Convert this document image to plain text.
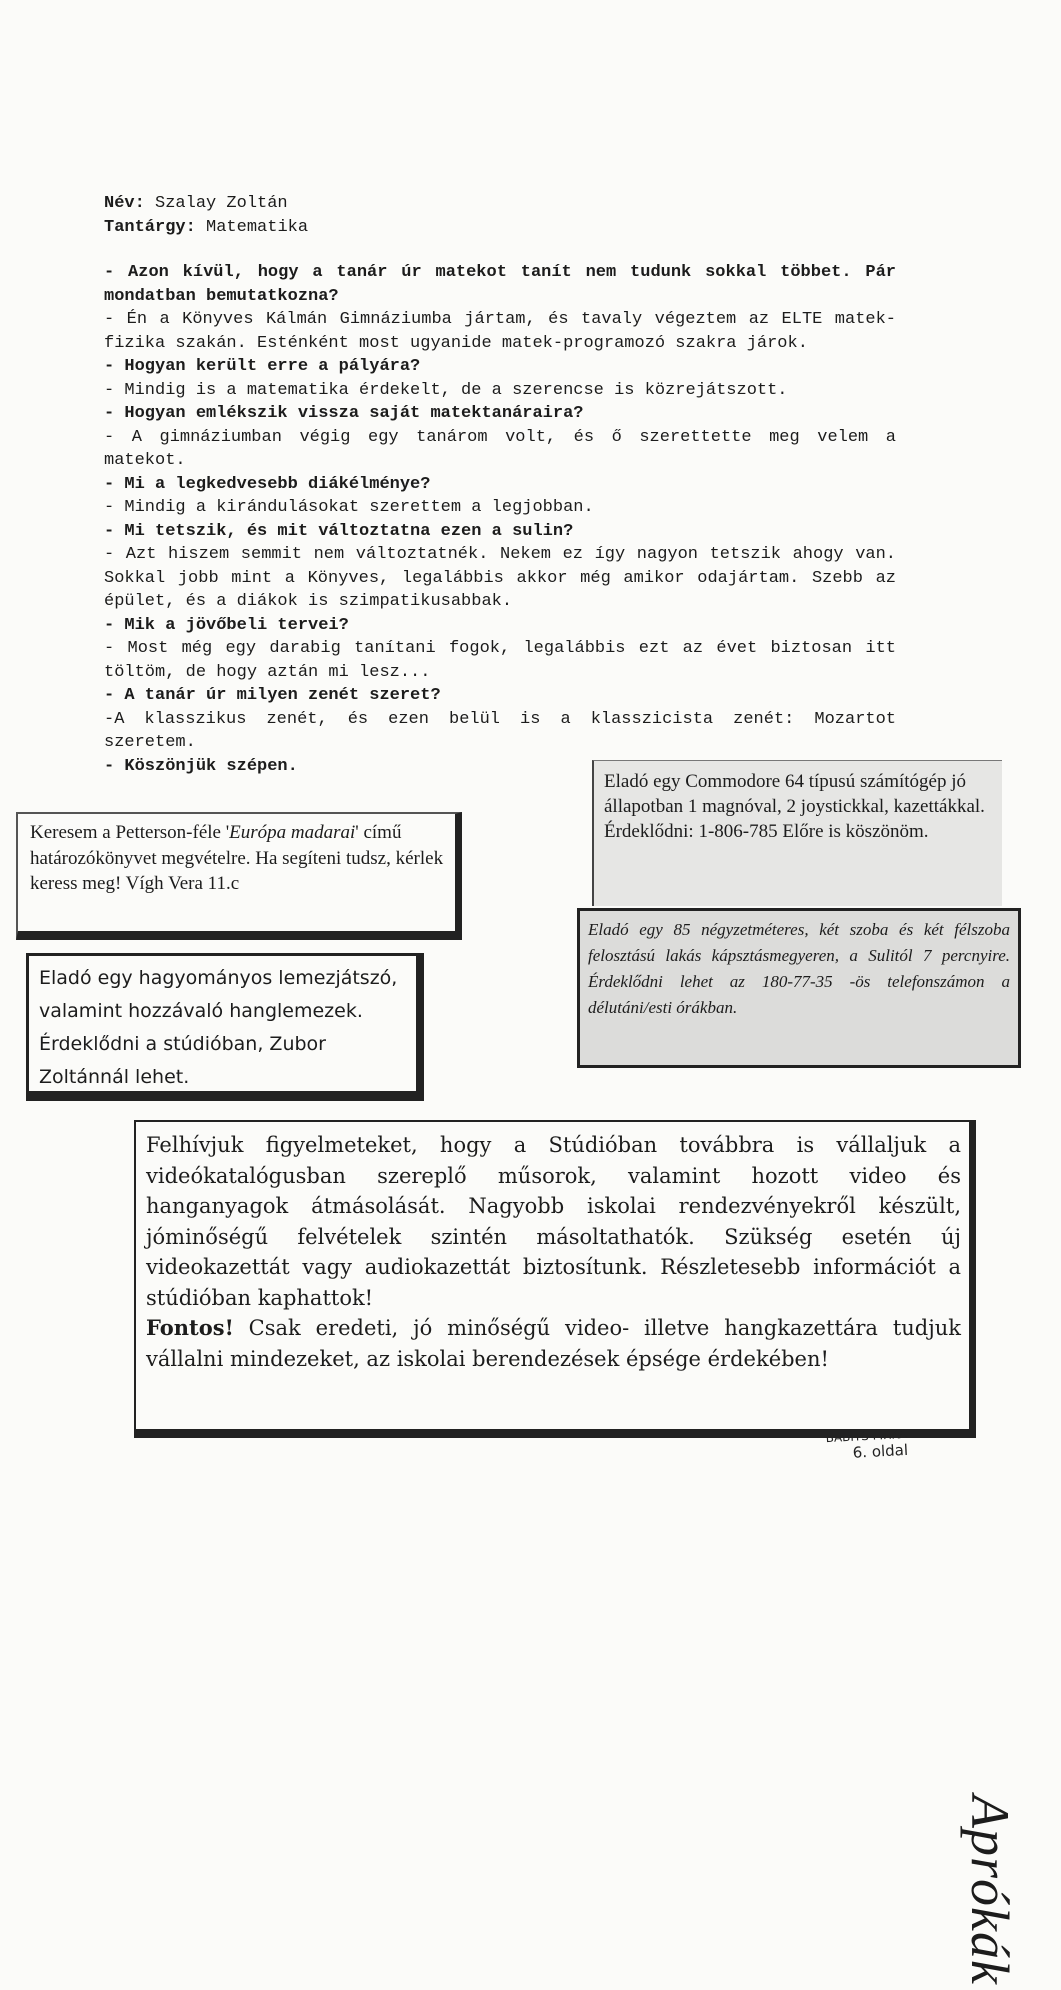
Név: Szalay Zoltán

Tantárgy: Matematika

- Azon kívül, hogy a tanár úr matekot tanít nem tudunk sokkal többet. Pár mondatban bemutatkozna?

- Én a Könyves Kálmán Gimnáziumba jártam, és tavaly végeztem az ELTE matek-fizika szakán. Esténként most ugyanide matek-programozó szakra járok.

- Hogyan került erre a pályára?

- Mindig is a matematika érdekelt, de a szerencse is közrejátszott.

- Hogyan emlékszik vissza saját matektanáraira?

- A gimnáziumban végig egy tanárom volt, és ő szerettette meg velem a matekot.

- Mi a legkedvesebb diákélménye?

- Mindig a kirándulásokat szerettem a legjobban.

- Mi tetszik, és mit változtatna ezen a sulin?

- Azt hiszem semmit nem változtatnék. Nekem ez így nagyon tetszik ahogy van. Sokkal jobb mint a Könyves, legalábbis akkor még amikor odajártam. Szebb az épület, és a diákok is szimpatikusabbak.

- Mik a jövőbeli tervei?

- Most még egy darabig tanítani fogok, legalábbis ezt az évet biztosan itt töltöm, de hogy aztán mi lesz...

- A tanár úr milyen zenét szeret?

-A klasszikus zenét, és ezen belül is a klasszicista zenét: Mozartot szeretem.

- Köszönjük szépen.

Eladó egy Commodore 64 típusú számítógép jó állapotban 1 magnóval, 2 joystickkal, kazettákkal. Érdeklődni: 1-806-785 Előre is köszönöm.
Eladó egy 85 négyzetméteres, két szoba és két félszoba felosztású lakás kápsztásmegyeren, a Sulitól 7 percnyire. Érdeklődni lehet az 180-77-35 -ös telefonszámon a délutáni/esti órákban.
Keresem a Petterson-féle 'Európa madarai' című határozókönyvet megvételre. Ha segíteni tudsz, kérlek keress meg! Vígh Vera 11.c
Eladó egy hagyományos lemezjátszó, valamint hozzávaló hanglemezek. Érdeklődni a stúdióban, Zubor Zoltánnál lehet.
Aprókák

Felhívjuk figyelmeteket, hogy a Stúdióban továbbra is vállaljuk a videókatalógusban szereplő műsorok, valamint hozott video és hanganyagok átmásolását. Nagyobb iskolai rendezvényekről készült, jóminőségű felvételek szintén másoltathatók. Szükség esetén új videokazettát vagy audiokazettát biztosítunk. Részletesebb információt a stúdióban kaphattok!

Fontos! Csak eredeti, jó minőségű video- illetve hangkazettára tudjuk vállalni mindezeket, az iskolai berendezések épsége érdekében!

BABITS FIRKA
6. oldal
